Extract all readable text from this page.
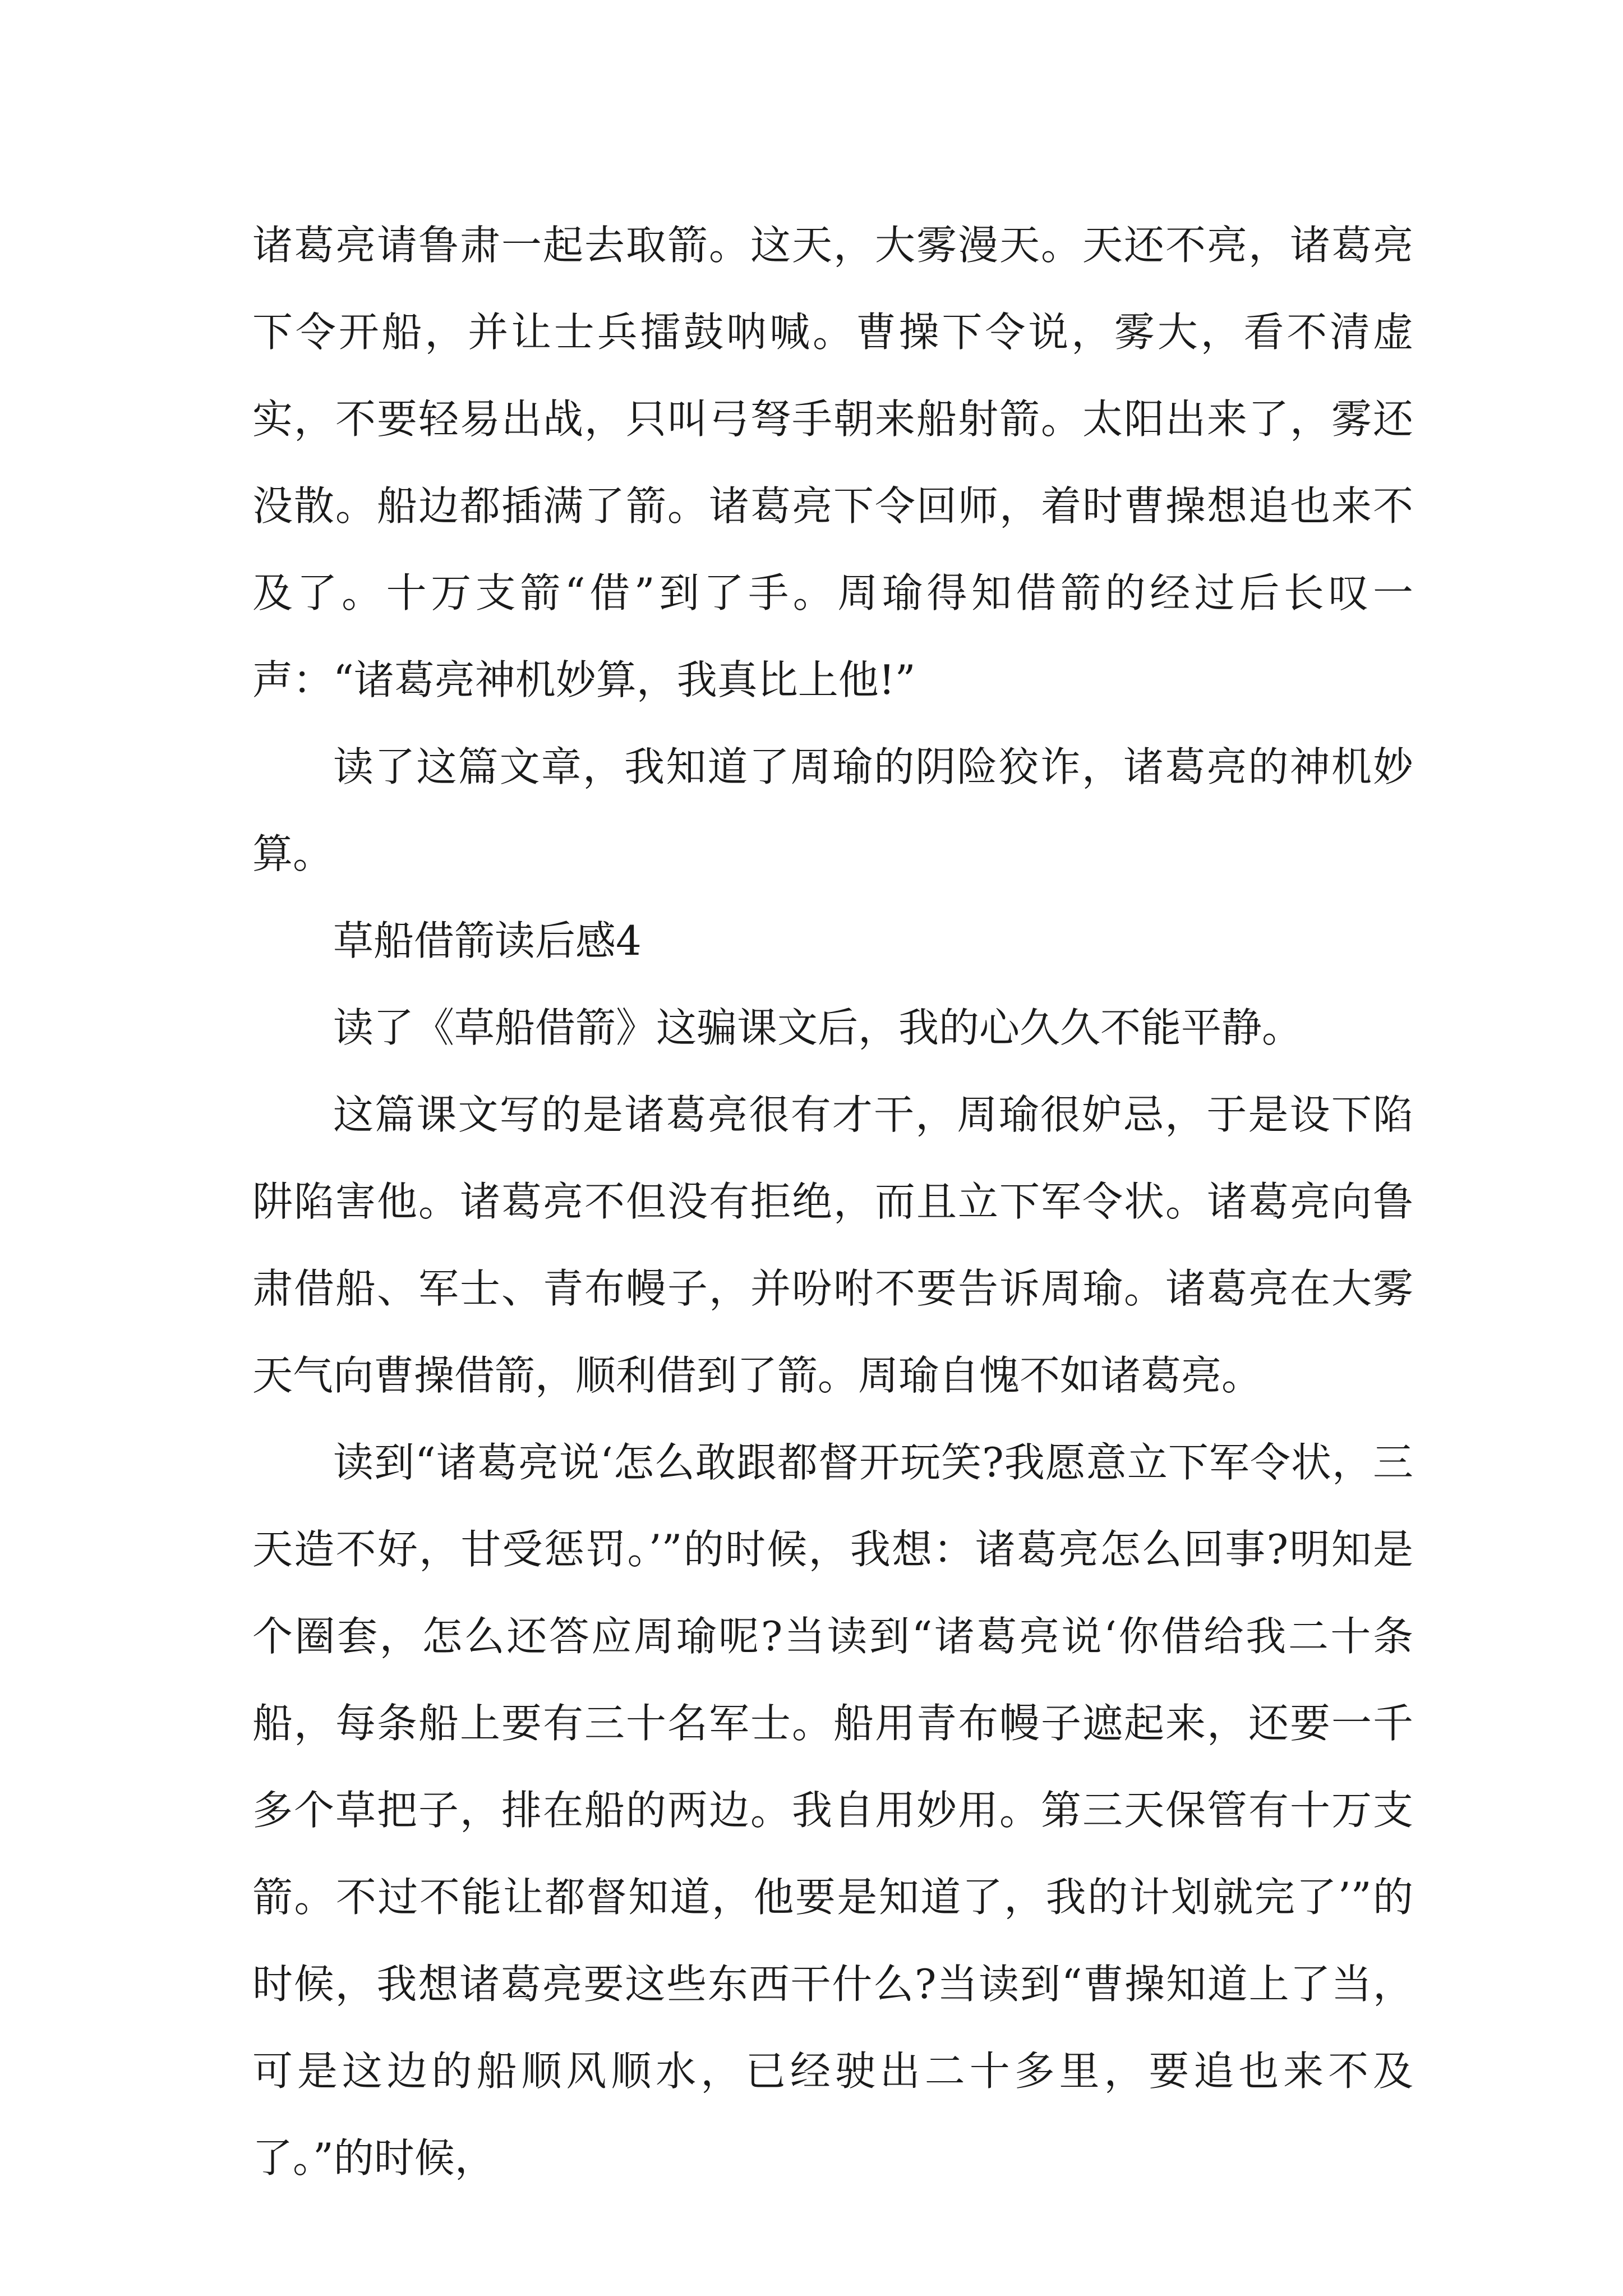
诸葛亮请鲁肃一起去取箭。这天，大雾漫天。天还不亮，诸葛亮下令开船，并让士兵擂鼓呐喊。曹操下令说，雾大，看不清虚实，不要轻易出战，只叫弓弩手朝来船射箭。太阳出来了，雾还没散。船边都插满了箭。诸葛亮下令回师，着时曹操想追也来不及了。十万支箭“借”到了手。周瑜得知借箭的经过后长叹一声：“诸葛亮神机妙算，我真比上他!”

读了这篇文章，我知道了周瑜的阴险狡诈，诸葛亮的神机妙算。

草船借箭读后感4

读了《草船借箭》这骗课文后，我的心久久不能平静。

这篇课文写的是诸葛亮很有才干，周瑜很妒忌，于是设下陷阱陷害他。诸葛亮不但没有拒绝，而且立下军令状。诸葛亮向鲁肃借船、军士、青布幔子，并吩咐不要告诉周瑜。诸葛亮在大雾天气向曹操借箭，顺利借到了箭。周瑜自愧不如诸葛亮。

读到“诸葛亮说‘怎么敢跟都督开玩笑?我愿意立下军令状，三天造不好，甘受惩罚。’”的时候，我想：诸葛亮怎么回事?明知是个圈套，怎么还答应周瑜呢?当读到“诸葛亮说‘你借给我二十条船，每条船上要有三十名军士。船用青布幔子遮起来，还要一千多个草把子，排在船的两边。我自用妙用。第三天保管有十万支箭。不过不能让都督知道，他要是知道了，我的计划就完了’”的时候，我想诸葛亮要这些东西干什么?当读到“曹操知道上了当，可是这边的船顺风顺水，已经驶出二十多里，要追也来不及了。”的时候，
